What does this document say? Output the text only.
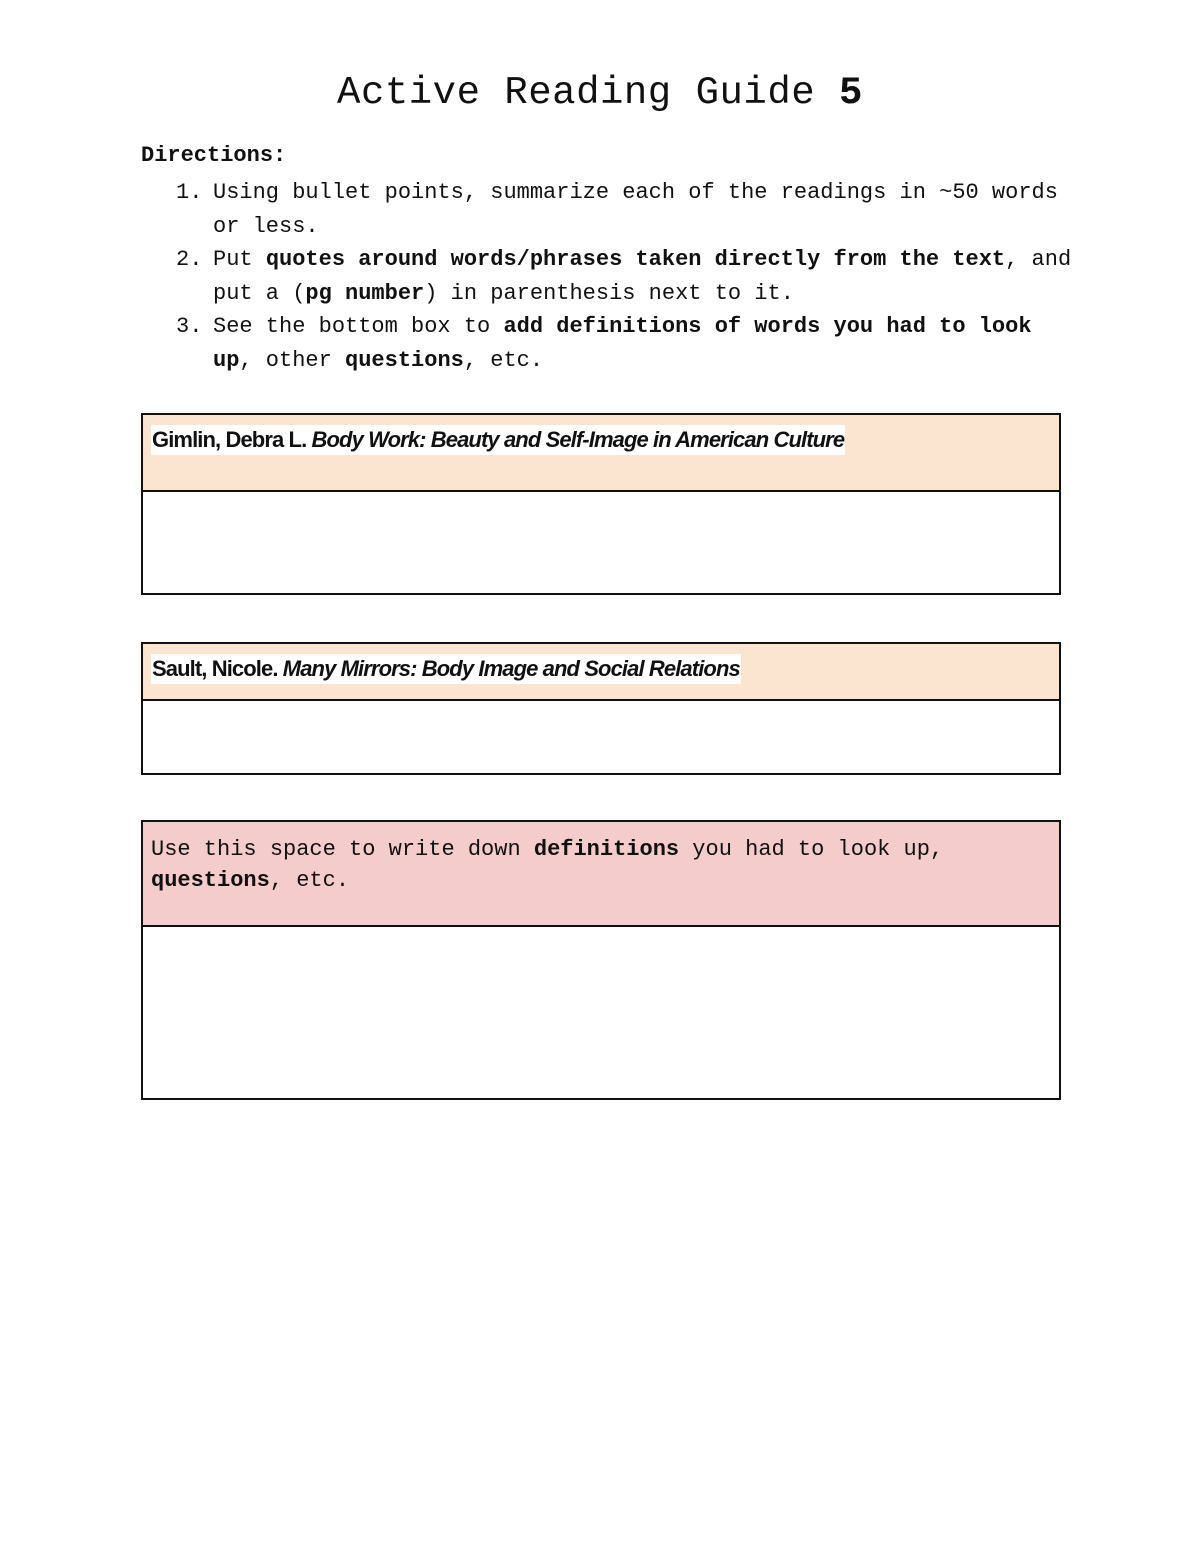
Active Reading Guide 5
Directions:
1. Using bullet points, summarize each of the readings in ~50 words or less.
2. Put quotes around words/phrases taken directly from the text, and put a (pg number) in parenthesis next to it.
3. See the bottom box to add definitions of words you had to look up, other questions, etc.
Gimlin, Debra L. Body Work: Beauty and Self-Image in American Culture
Sault, Nicole. Many Mirrors: Body Image and Social Relations
Use this space to write down definitions you had to look up,
questions, etc.
